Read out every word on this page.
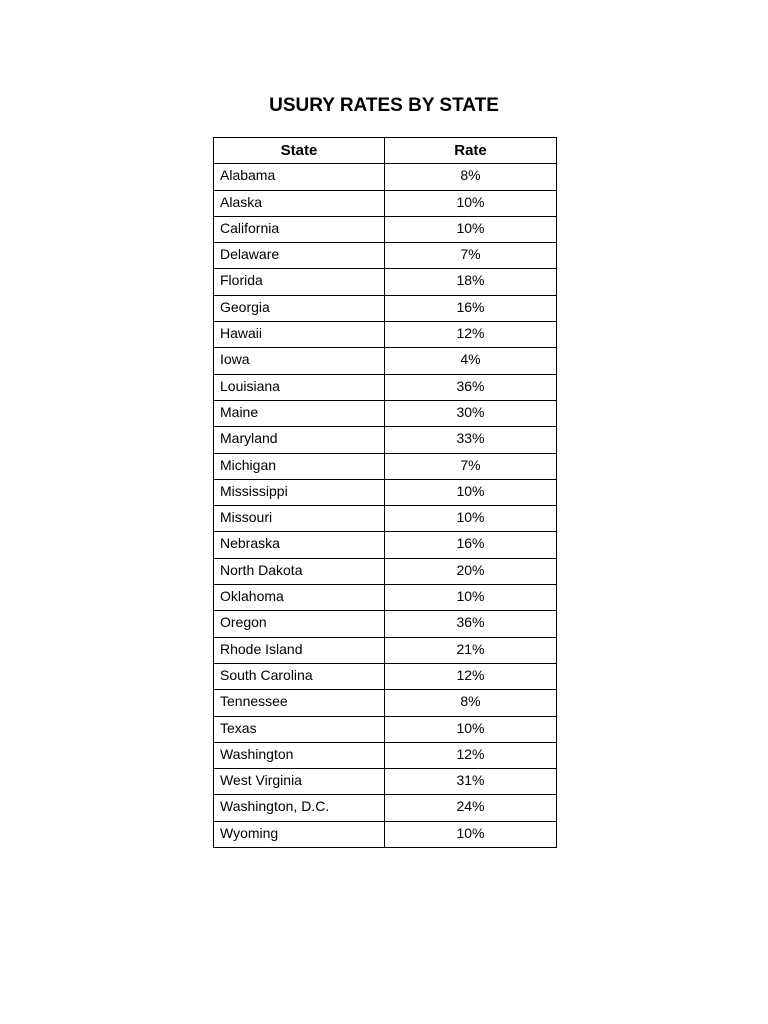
USURY RATES BY STATE
State	Rate
Alabama	8%
Alaska	10%
California	10%
Delaware	7%
Florida	18%
Georgia	16%
Hawaii	12%
Iowa	4%
Louisiana	36%
Maine	30%
Maryland	33%
Michigan	7%
Mississippi	10%
Missouri	10%
Nebraska	16%
North Dakota	20%
Oklahoma	10%
Oregon	36%
Rhode Island	21%
South Carolina	12%
Tennessee	8%
Texas	10%
Washington	12%
West Virginia	31%
Washington, D.C.	24%
Wyoming	10%
